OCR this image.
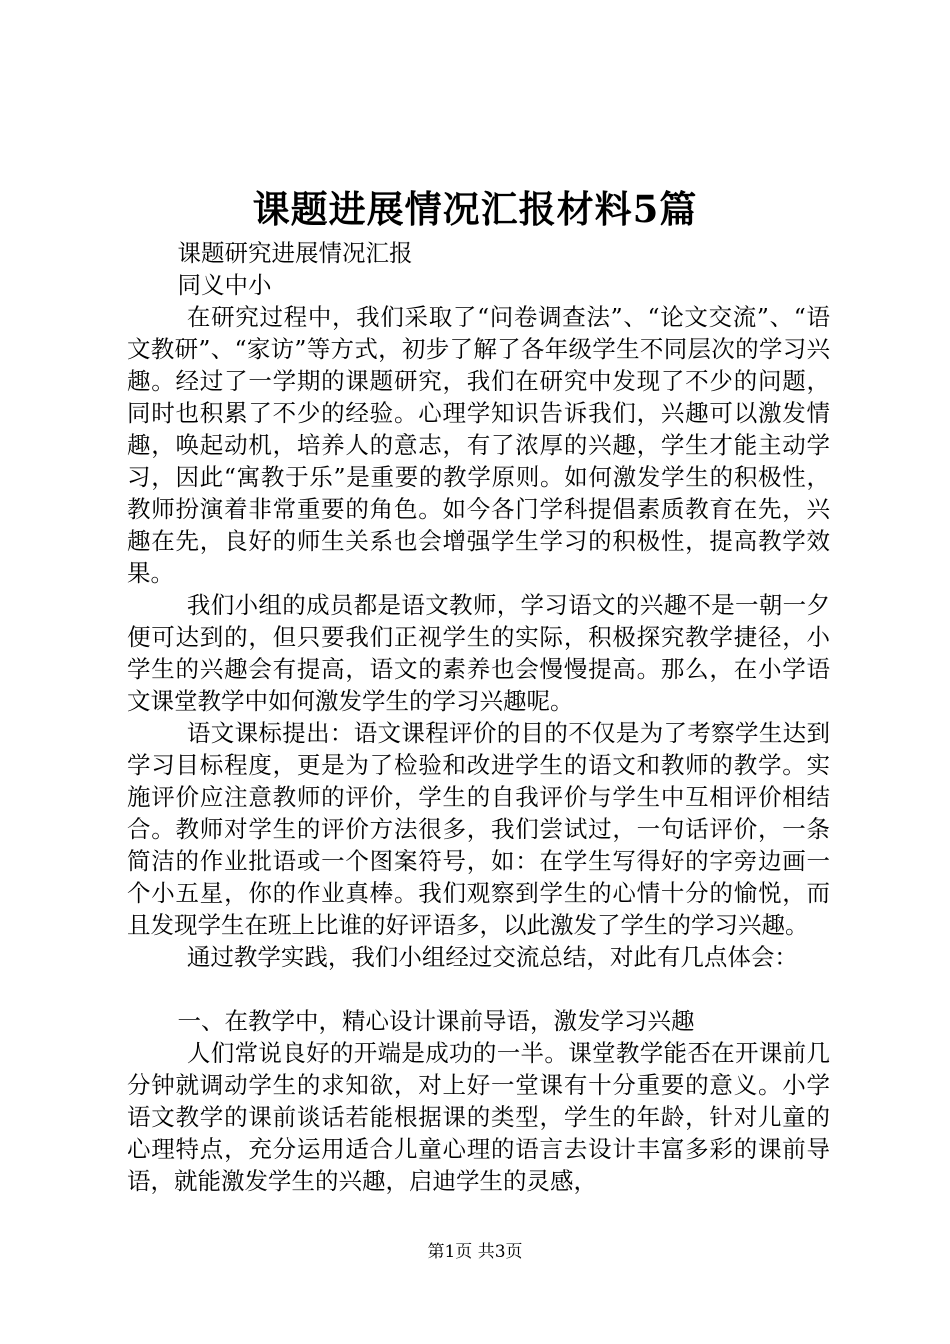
课题进展情况汇报材料5篇

课题研究进展情况汇报

同义中小

在研究过程中，我们采取了“问卷调查法”、“论文交流”、“语文教研”、“家访”等方式，初步了解了各年级学生不同层次的学习兴趣。经过了一学期的课题研究，我们在研究中发现了不少的问题，同时也积累了不少的经验。心理学知识告诉我们，兴趣可以激发情趣，唤起动机，培养人的意志，有了浓厚的兴趣，学生才能主动学习，因此“寓教于乐”是重要的教学原则。如何激发学生的积极性，教师扮演着非常重要的角色。如今各门学科提倡素质教育在先，兴趣在先，良好的师生关系也会增强学生学习的积极性，提高教学效果。

我们小组的成员都是语文教师，学习语文的兴趣不是一朝一夕便可达到的，但只要我们正视学生的实际，积极探究教学捷径，小学生的兴趣会有提高，语文的素养也会慢慢提高。那么，在小学语文课堂教学中如何激发学生的学习兴趣呢。

语文课标提出：语文课程评价的目的不仅是为了考察学生达到学习目标程度，更是为了检验和改进学生的语文和教师的教学。实施评价应注意教师的评价，学生的自我评价与学生中互相评价相结合。教师对学生的评价方法很多，我们尝试过，一句话评价，一条简洁的作业批语或一个图案符号，如：在学生写得好的字旁边画一个小五星，你的作业真棒。我们观察到学生的心情十分的愉悦，而且发现学生在班上比谁的好评语多，以此激发了学生的学习兴趣。

通过教学实践，我们小组经过交流总结，对此有几点体会：

一、在教学中，精心设计课前导语，激发学习兴趣

人们常说良好的开端是成功的一半。课堂教学能否在开课前几分钟就调动学生的求知欲，对上好一堂课有十分重要的意义。小学语文教学的课前谈话若能根据课的类型，学生的年龄，针对儿童的心理特点，充分运用适合儿童心理的语言去设计丰富多彩的课前导语，就能激发学生的兴趣，启迪学生的灵感，

第1页 共3页
